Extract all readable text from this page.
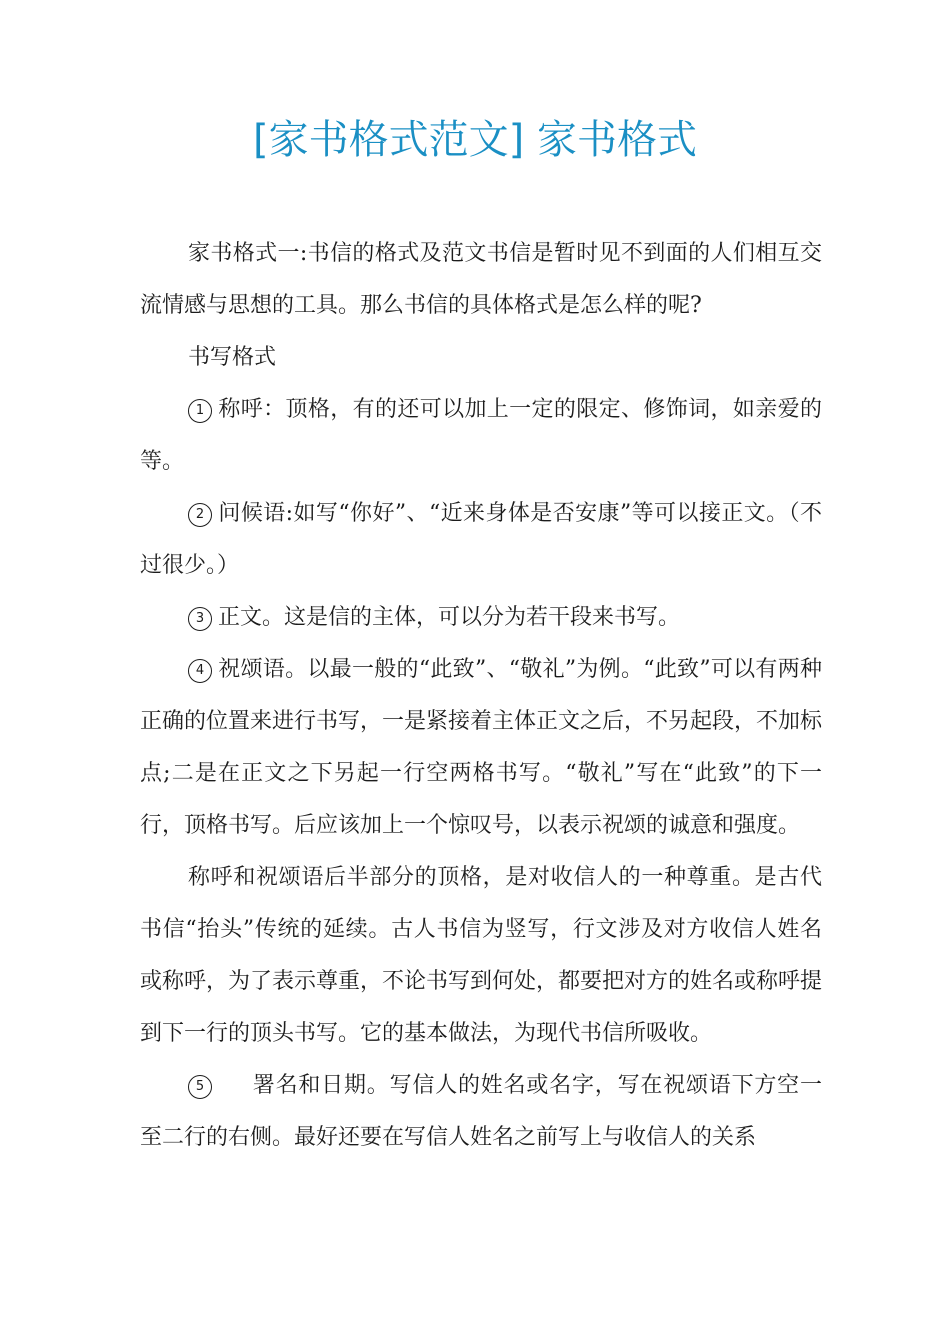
[家书格式范文] 家书格式

家书格式一:书信的格式及范文书信是暂时见不到面的人们相互交流情感与思想的工具。那么书信的具体格式是怎么样的呢?

书写格式

1 称呼：顶格，有的还可以加上一定的限定、修饰词，如亲爱的等。

2 问候语:如写“你好”、“近来身体是否安康”等可以接正文。（不过很少。）

3 正文。这是信的主体，可以分为若干段来书写。

4 祝颂语。以最一般的“此致”、“敬礼”为例。“此致”可以有两种正确的位置来进行书写，一是紧接着主体正文之后，不另起段，不加标点;二是在正文之下另起一行空两格书写。“敬礼”写在“此致”的下一行，顶格书写。后应该加上一个惊叹号，以表示祝颂的诚意和强度。

称呼和祝颂语后半部分的顶格，是对收信人的一种尊重。是古代书信“抬头”传统的延续。古人书信为竖写，行文涉及对方收信人姓名或称呼，为了表示尊重，不论书写到何处，都要把对方的姓名或称呼提到下一行的顶头书写。它的基本做法，为现代书信所吸收。

5 署名和日期。写信人的姓名或名字，写在祝颂语下方空一至二行的右侧。最好还要在写信人姓名之前写上与收信人的关系
